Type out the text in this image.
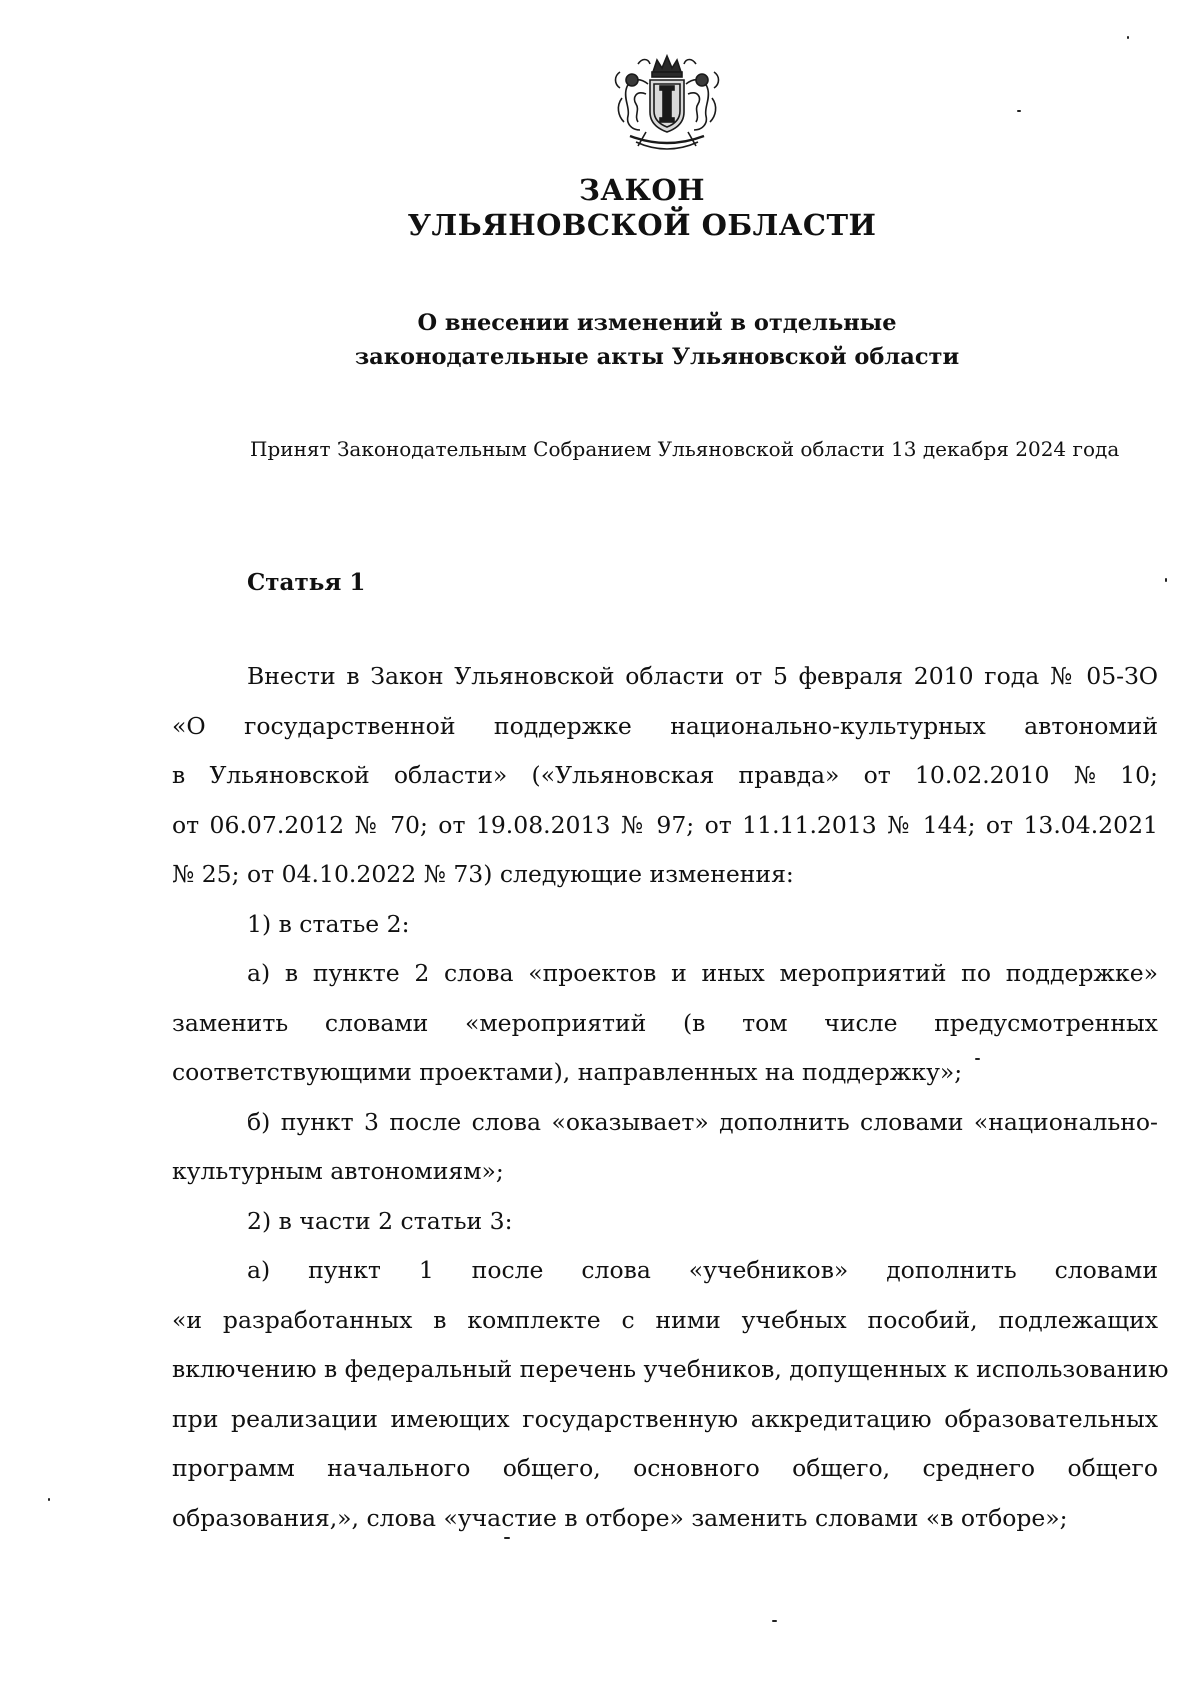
ЗАКОН
УЛЬЯНОВСКОЙ ОБЛАСТИ
О внесении изменений в отдельные
законодательные акты Ульяновской области
Принят Законодательным Собранием Ульяновской области 13 декабря 2024 года
Статья 1
Внести в Закон Ульяновской области от 5 февраля 2010 года № 05-ЗО
«О государственной поддержке национально-культурных автономий
в Ульяновской области» («Ульяновская правда» от 10.02.2010 № 10;
от 06.07.2012 № 70; от 19.08.2013 № 97; от 11.11.2013 № 144; от 13.04.2021
№ 25; от 04.10.2022 № 73) следующие изменения:
1) в статье 2:
а) в пункте 2 слова «проектов и иных мероприятий по поддержке»
заменить словами «мероприятий (в том числе предусмотренных
соответствующими проектами), направленных на поддержку»;
б) пункт 3 после слова «оказывает» дополнить словами «национально-
культурным автономиям»;
2) в части 2 статьи 3:
а) пункт 1 после слова «учебников» дополнить словами
«и разработанных в комплекте с ними учебных пособий, подлежащих
включению в федеральный перечень учебников, допущенных к использованию
при реализации имеющих государственную аккредитацию образовательных
программ начального общего, основного общего, среднего общего
образования,», слова «участие в отборе» заменить словами «в отборе»;
